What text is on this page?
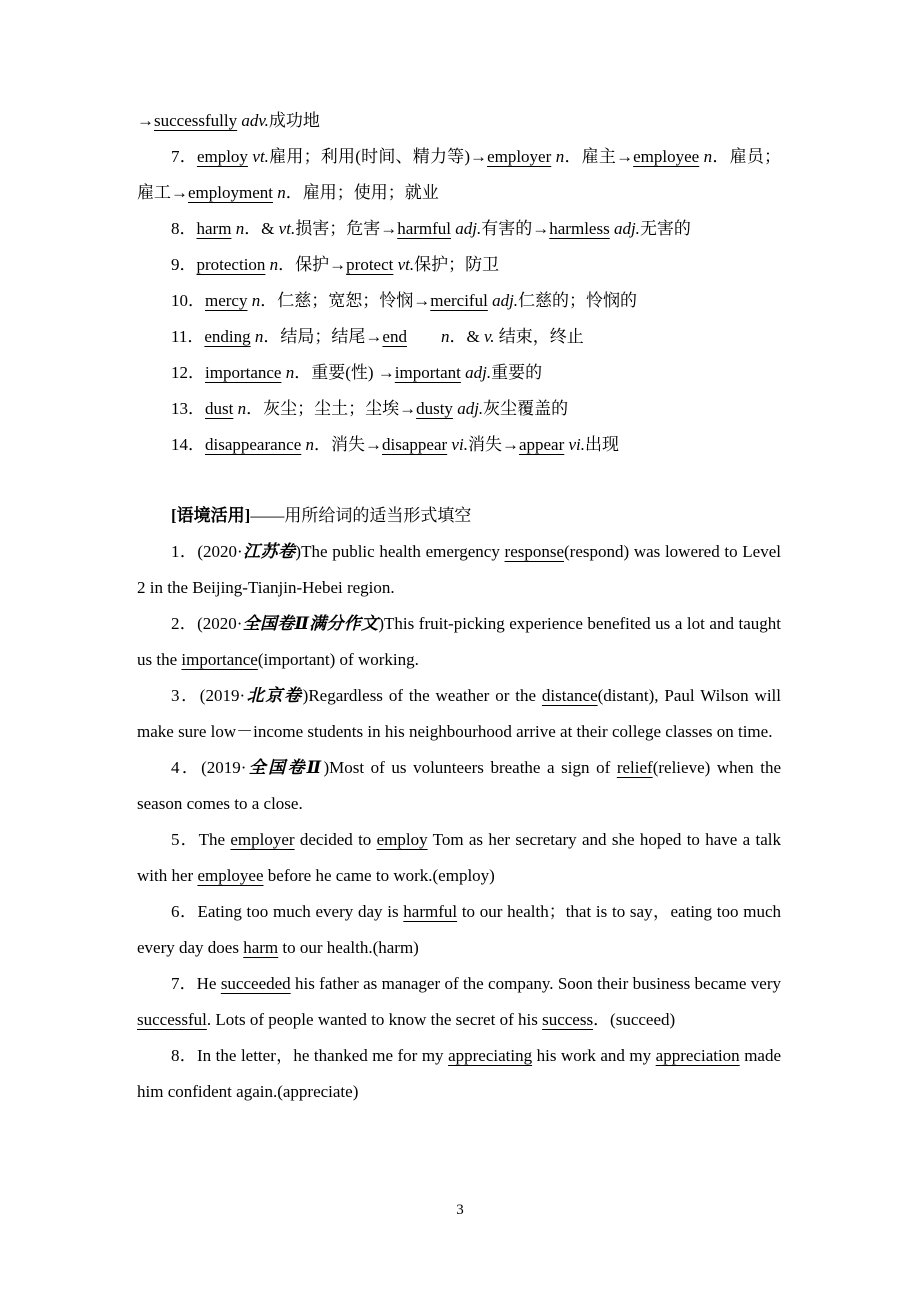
→successfully adv.成功地

7．employ vt.雇用；利用(时间、精力等)→employer n．雇主→employee n．雇员；雇工→employment n．雇用；使用；就业

8．harm n．& vt.损害；危害→harmful adj.有害的→harmless adj.无害的

9．protection n．保护→protect vt.保护；防卫

10．mercy n．仁慈；宽恕；怜悯→merciful adj.仁慈的；怜悯的

11．ending n．结局；结尾→end　　 n．& v. 结束，终止

12．importance n．重要(性) →important adj.重要的

13．dust n．灰尘；尘土；尘埃→dusty adj.灰尘覆盖的

14．disappearance n．消失→disappear vi.消失→appear vi.出现

[语境活用]——用所给词的适当形式填空

1．(2020·江苏卷)The public health emergency response(respond) was lowered to Level 2 in the Beijing-Tianjin-Hebei region.

2．(2020·全国卷Ⅱ满分作文)This fruit-picking experience benefited us a lot and taught us the importance(important) of working.

3．(2019·北京卷)Regardless of the weather or the distance(distant), Paul Wilson will make sure low－income students in his neighbourhood arrive at their college classes on time.

4．(2019·全国卷Ⅱ)Most of us volunteers breathe a sign of relief(relieve) when the season comes to a close.

5．The employer decided to employ Tom as her secretary and she hoped to have a talk with her employee before he came to work.(employ)

6．Eating too much every day is harmful to our health；that is to say，eating too much every day does harm to our health.(harm)

7．He succeeded his father as manager of the company. Soon their business became very successful. Lots of people wanted to know the secret of his success．(succeed)

8．In the letter，he thanked me for my appreciating his work and my appreciation made him confident again.(appreciate)

3
